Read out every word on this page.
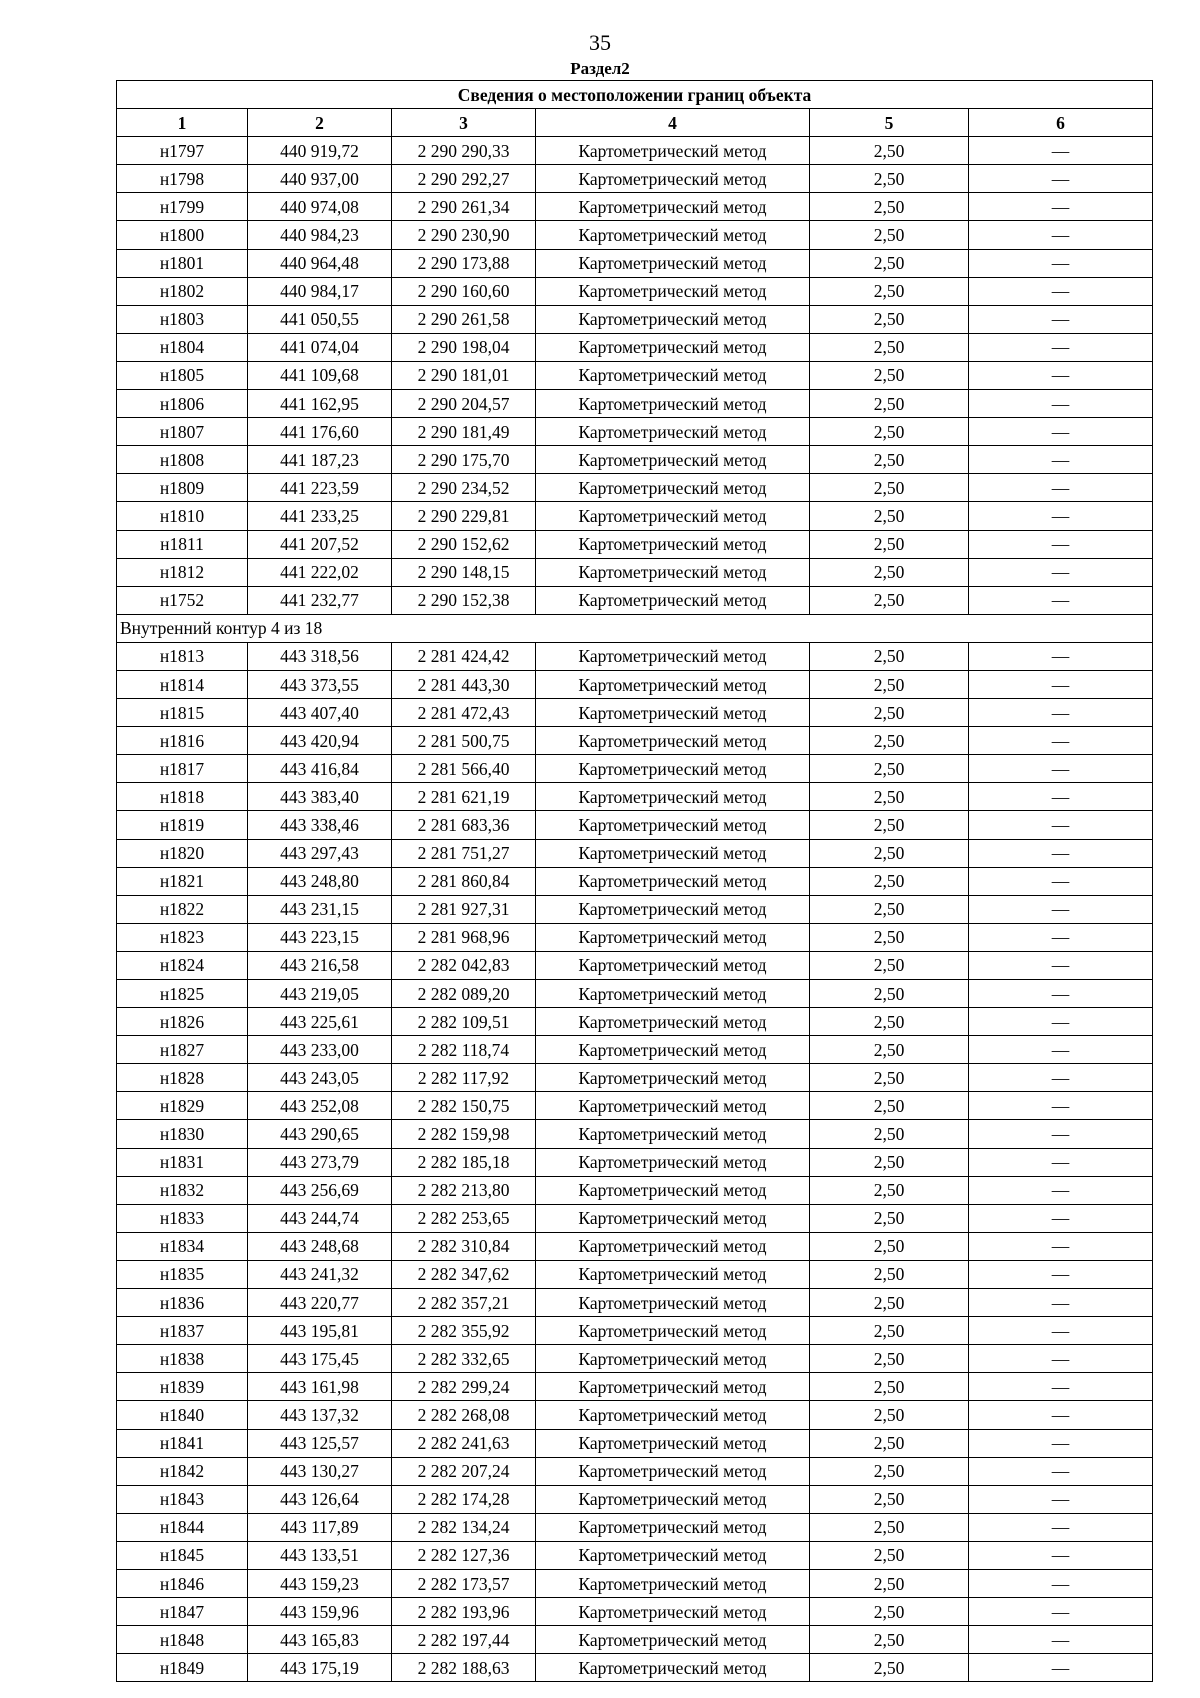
35
Раздел2
Сведения о местоположении границ объекта					
1	2	3	4	5	6
н1797	440 919,72	2 290 290,33	Картометрический метод	2,50	—
н1798	440 937,00	2 290 292,27	Картометрический метод	2,50	—
н1799	440 974,08	2 290 261,34	Картометрический метод	2,50	—
н1800	440 984,23	2 290 230,90	Картометрический метод	2,50	—
н1801	440 964,48	2 290 173,88	Картометрический метод	2,50	—
н1802	440 984,17	2 290 160,60	Картометрический метод	2,50	—
н1803	441 050,55	2 290 261,58	Картометрический метод	2,50	—
н1804	441 074,04	2 290 198,04	Картометрический метод	2,50	—
н1805	441 109,68	2 290 181,01	Картометрический метод	2,50	—
н1806	441 162,95	2 290 204,57	Картометрический метод	2,50	—
н1807	441 176,60	2 290 181,49	Картометрический метод	2,50	—
н1808	441 187,23	2 290 175,70	Картометрический метод	2,50	—
н1809	441 223,59	2 290 234,52	Картометрический метод	2,50	—
н1810	441 233,25	2 290 229,81	Картометрический метод	2,50	—
н1811	441 207,52	2 290 152,62	Картометрический метод	2,50	—
н1812	441 222,02	2 290 148,15	Картометрический метод	2,50	—
н1752	441 232,77	2 290 152,38	Картометрический метод	2,50	—
Внутренний контур 4 из 18					
н1813	443 318,56	2 281 424,42	Картометрический метод	2,50	—
н1814	443 373,55	2 281 443,30	Картометрический метод	2,50	—
н1815	443 407,40	2 281 472,43	Картометрический метод	2,50	—
н1816	443 420,94	2 281 500,75	Картометрический метод	2,50	—
н1817	443 416,84	2 281 566,40	Картометрический метод	2,50	—
н1818	443 383,40	2 281 621,19	Картометрический метод	2,50	—
н1819	443 338,46	2 281 683,36	Картометрический метод	2,50	—
н1820	443 297,43	2 281 751,27	Картометрический метод	2,50	—
н1821	443 248,80	2 281 860,84	Картометрический метод	2,50	—
н1822	443 231,15	2 281 927,31	Картометрический метод	2,50	—
н1823	443 223,15	2 281 968,96	Картометрический метод	2,50	—
н1824	443 216,58	2 282 042,83	Картометрический метод	2,50	—
н1825	443 219,05	2 282 089,20	Картометрический метод	2,50	—
н1826	443 225,61	2 282 109,51	Картометрический метод	2,50	—
н1827	443 233,00	2 282 118,74	Картометрический метод	2,50	—
н1828	443 243,05	2 282 117,92	Картометрический метод	2,50	—
н1829	443 252,08	2 282 150,75	Картометрический метод	2,50	—
н1830	443 290,65	2 282 159,98	Картометрический метод	2,50	—
н1831	443 273,79	2 282 185,18	Картометрический метод	2,50	—
н1832	443 256,69	2 282 213,80	Картометрический метод	2,50	—
н1833	443 244,74	2 282 253,65	Картометрический метод	2,50	—
н1834	443 248,68	2 282 310,84	Картометрический метод	2,50	—
н1835	443 241,32	2 282 347,62	Картометрический метод	2,50	—
н1836	443 220,77	2 282 357,21	Картометрический метод	2,50	—
н1837	443 195,81	2 282 355,92	Картометрический метод	2,50	—
н1838	443 175,45	2 282 332,65	Картометрический метод	2,50	—
н1839	443 161,98	2 282 299,24	Картометрический метод	2,50	—
н1840	443 137,32	2 282 268,08	Картометрический метод	2,50	—
н1841	443 125,57	2 282 241,63	Картометрический метод	2,50	—
н1842	443 130,27	2 282 207,24	Картометрический метод	2,50	—
н1843	443 126,64	2 282 174,28	Картометрический метод	2,50	—
н1844	443 117,89	2 282 134,24	Картометрический метод	2,50	—
н1845	443 133,51	2 282 127,36	Картометрический метод	2,50	—
н1846	443 159,23	2 282 173,57	Картометрический метод	2,50	—
н1847	443 159,96	2 282 193,96	Картометрический метод	2,50	—
н1848	443 165,83	2 282 197,44	Картометрический метод	2,50	—
н1849	443 175,19	2 282 188,63	Картометрический метод	2,50	—
